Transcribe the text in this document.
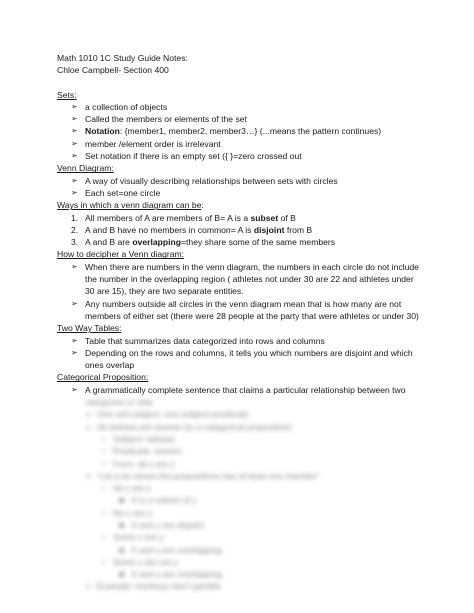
Math 1010 1C Study Guide Notes:
Chloe Campbell- Section 400
Sets:
➢ a collection of objects
➢ Called the members or elements of the set
➢ Notation: {member1, member2, member3…} (...means the pattern continues)
➢ member /element order is irrelevant
➢ Set notation if there is an empty set ({ }=zero crossed out
Venn Diagram:
➢ A way of visually describing relationships between sets with circles
➢ Each set=one circle
Ways in which a venn diagram can be:
1. All members of A are members of B= A is a subset of B
2. A and B have no members in common= A is disjoint from B
3. A and B are overlapping=they share some of the same members
How to decipher a Venn diagram:
➢ When there are numbers in the venn diagram, the numbers in each circle do not include
the number in the overlapping region ( athletes not under 30 are 22 and athletes under
30 are 15), they are two separate entities.
➢ Any numbers outside all circles in the venn diagram mean that is how many are not
members of either set (there were 28 people at the party that were athletes or under 30)
Two Way Tables:
➢ Table that summarizes data categorized into rows and columns
➢ Depending on the rows and columns, it tells you which numbers are disjoint and which
ones overlap
Categorical Proposition:
➢ A grammatically complete sentence that claims a particular relationship between two
categories or sets
➢ One set=subject, one subject=predicate
➢ All widows are women (is a categorical proposition)
○ Subject: widows
○ Predicate: women
○ Form: all x are y
➢ "Let a be where the propositions has at least one member"
○ All x are y
■ X is a subset of y
○ No x are y
■ X and y are disjoint
○ Some x are y
■ X and y are overlapping
○ Some x are not y
■ X and y are overlapping
➢ Example: monkeys don't gamble
